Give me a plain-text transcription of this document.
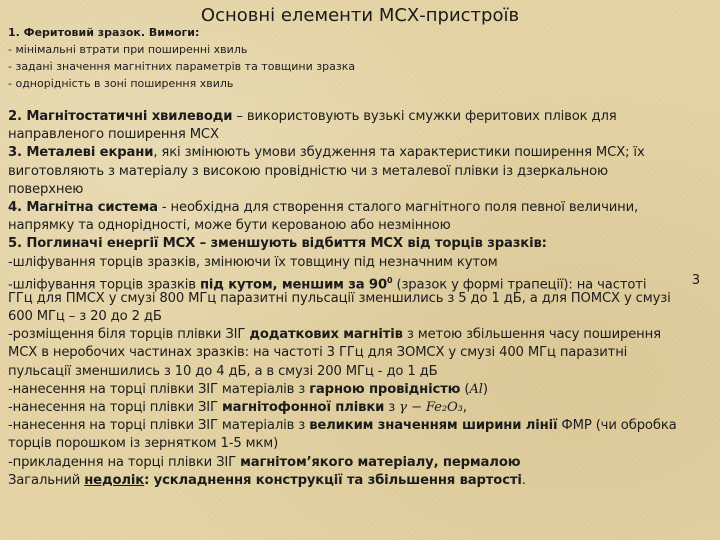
Основні елементи МСХ-пристроїв
1. Феритовий зразок. Вимоги:
- мінімальні втрати при поширенні хвиль
- задані значення магнітних параметрів та товщини зразка
- однорідність в зоні поширення хвиль
2. Магнітостатичні хвилеводи – використовують вузькі смужки феритових плівок для
направленого поширення МСХ
3. Металеві екрани, які змінюють умови збудження та характеристики поширення МСХ; їх
виготовляють з матеріалу з високою провідністю чи з металевої плівки із дзеркальною
поверхнею
4. Магнітна система - необхідна для створення сталого магнітного поля певної величини,
напрямку та однорідності, може бути керованою або незмінною
5. Поглиначі енергії МСХ – зменшують відбиття МСХ від торців зразків:
-шліфування торців зразків, змінюючи їх товщину під незначним кутом
-шліфування торців зразків під кутом, меншим за $90^0$ (зразок у формі трапеції): на частоті	3
ГГц для ПМСХ у смузі 800 МГц паразитні пульсації зменшились з 5 до 1 дБ, а для ПОМСХ у смузі
600 МГц – з 20 до 2 дБ
-розміщення біля торців плівки ЗІГ додаткових магнітів з метою збільшення часу поширення
МСХ в неробочих частинах зразків: на частоті 3 ГГц для ЗОМСХ у смузі 400 МГц паразитні
пульсації зменшились з 10 до 4 дБ, а в смузі 200 МГц - до 1 дБ
-нанесення на торці плівки ЗІГ матеріалів з гарною провідністю (Al)
-нанесення на торці плівки ЗІГ магнітофонної плівки з γ − Fe₂O₃,
-нанесення на торці плівки ЗІГ матеріалів з великим значенням ширини лінії ФМР (чи обробка
торців порошком із зернятком 1-5 мкм)
-прикладення на торці плівки ЗІГ магнітом’якого матеріалу, пермалою
Загальний недолік: ускладнення конструкції та збільшення вартості.
